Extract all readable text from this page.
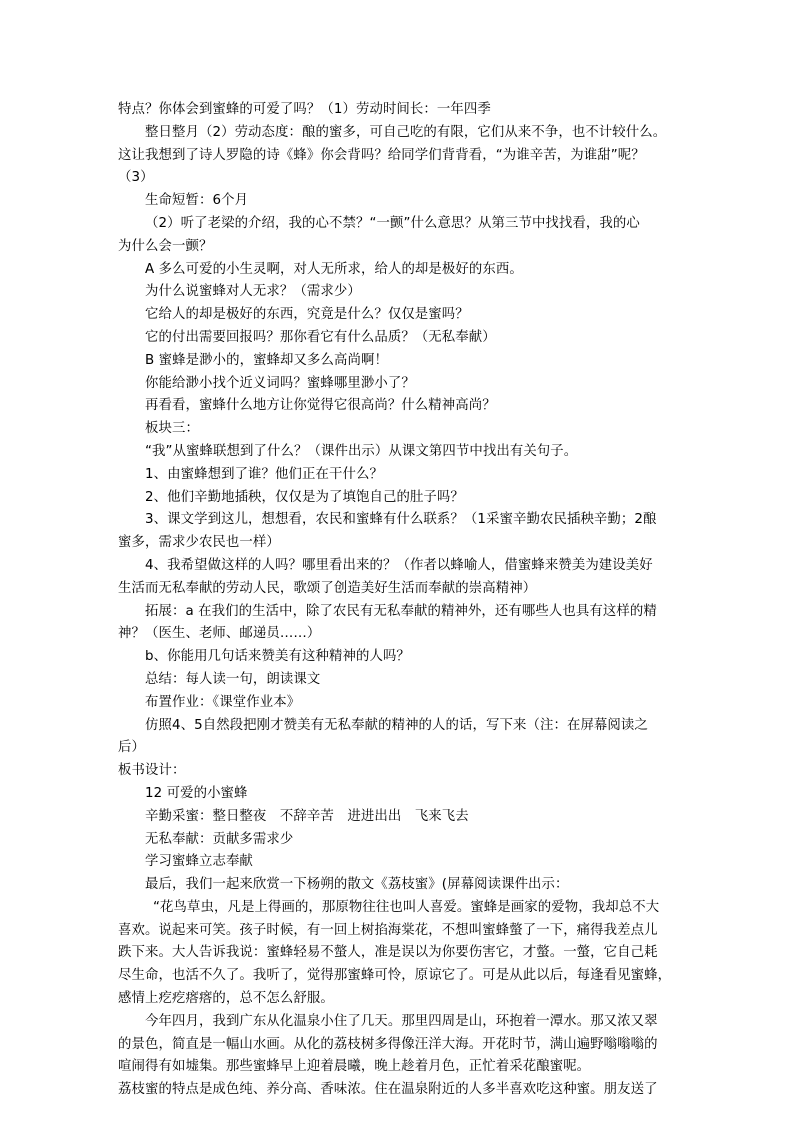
特点？你体会到蜜蜂的可爱了吗？（1）劳动时间长：一年四季
整日整月（2）劳动态度：酿的蜜多，可自己吃的有限，它们从来不争，也不计较什么。
这让我想到了诗人罗隐的诗《蜂》你会背吗？给同学们背背看，“为谁辛苦，为谁甜”呢？
（3）
生命短暂：6个月
（2）听了老梁的介绍，我的心不禁？“一颤”什么意思？从第三节中找找看，我的心
为什么会一颤？
A 多么可爱的小生灵啊，对人无所求，给人的却是极好的东西。
为什么说蜜蜂对人无求？（需求少）
它给人的却是极好的东西，究竟是什么？仅仅是蜜吗？
它的付出需要回报吗？那你看它有什么品质？（无私奉献）
B 蜜蜂是渺小的，蜜蜂却又多么高尚啊！
你能给渺小找个近义词吗？蜜蜂哪里渺小了？
再看看，蜜蜂什么地方让你觉得它很高尚？什么精神高尚？
板块三：
“我”从蜜蜂联想到了什么？（课件出示）从课文第四节中找出有关句子。
1、由蜜蜂想到了谁？他们正在干什么？
2、他们辛勤地插秧，仅仅是为了填饱自己的肚子吗？
3、课文学到这儿，想想看，农民和蜜蜂有什么联系？（1采蜜辛勤农民插秧辛勤；2酿
蜜多，需求少农民也一样）
4、我希望做这样的人吗？哪里看出来的？（作者以蜂喻人，借蜜蜂来赞美为建设美好
生活而无私奉献的劳动人民，歌颂了创造美好生活而奉献的崇高精神）
拓展：a 在我们的生活中，除了农民有无私奉献的精神外，还有哪些人也具有这样的精
神？（医生、老师、邮递员……）
b、你能用几句话来赞美有这种精神的人吗？
总结：每人读一句，朗读课文
布置作业：《课堂作业本》
仿照4、5自然段把刚才赞美有无私奉献的精神的人的话，写下来（注：在屏幕阅读之
后）
板书设计：
12 可爱的小蜜蜂
辛勤采蜜：整日整夜　不辞辛苦　进进出出　飞来飞去
无私奉献：贡献多需求少
学习蜜蜂立志奉献
最后，我们一起来欣赏一下杨朔的散文《荔枝蜜》(屏幕阅读课件出示：
“花鸟草虫，凡是上得画的，那原物往往也叫人喜爱。蜜蜂是画家的爱物，我却总不大
喜欢。说起来可笑。孩子时候，有一回上树掐海棠花，不想叫蜜蜂螫了一下，痛得我差点儿
跌下来。大人告诉我说：蜜蜂轻易不螫人，准是误以为你要伤害它，才螫。一螫，它自己耗
尽生命，也活不久了。我听了，觉得那蜜蜂可怜，原谅它了。可是从此以后，每逢看见蜜蜂，
感情上疙疙瘩瘩的，总不怎么舒服。
今年四月，我到广东从化温泉小住了几天。那里四周是山，环抱着一潭水。那又浓又翠
的景色，简直是一幅山水画。从化的荔枝树多得像汪洋大海。开花时节，满山遍野嗡嗡嗡的
喧闹得有如墟集。那些蜜蜂早上迎着晨曦，晚上趁着月色，正忙着采花酿蜜呢。
荔枝蜜的特点是成色纯、养分高、香味浓。住在温泉附近的人多半喜欢吃这种蜜。朋友送了
